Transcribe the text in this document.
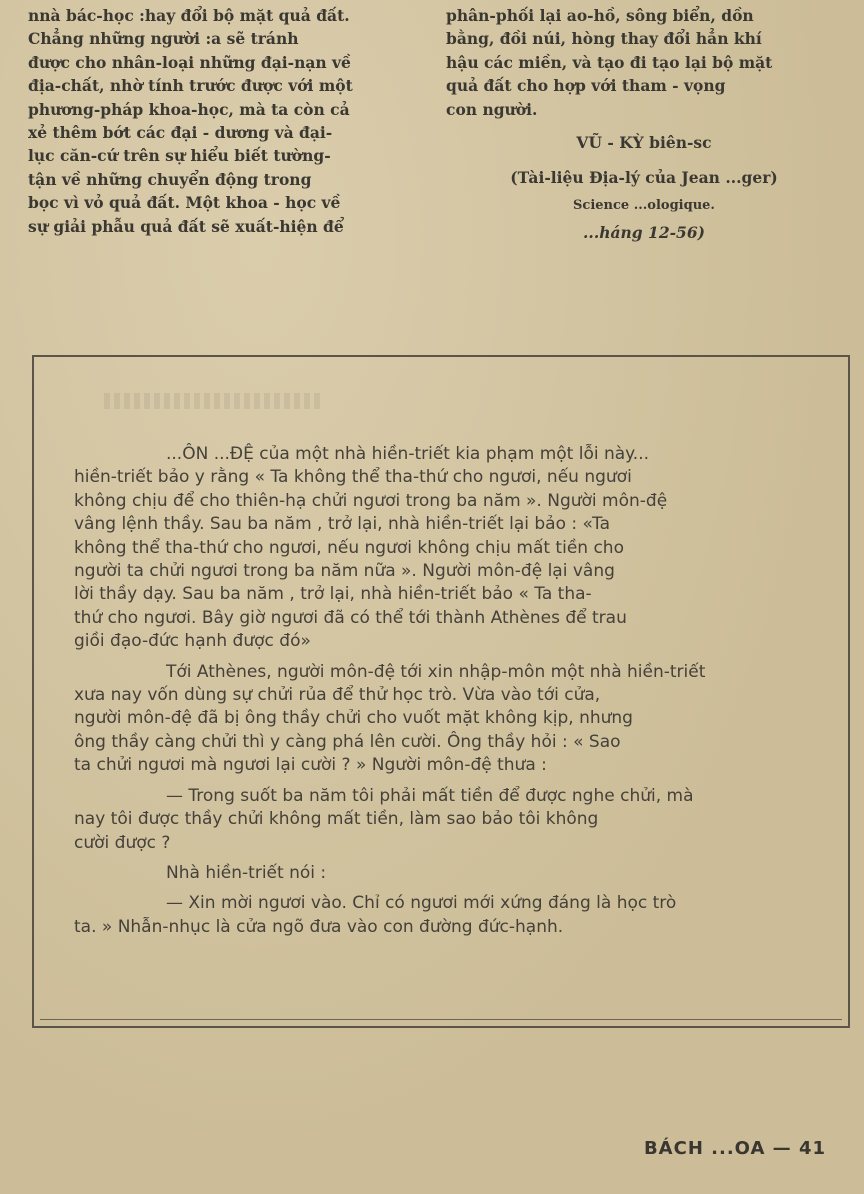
nnà bác-học :hay đổi bộ mặt quả đất.
Chẳng những người :a sẽ tránh
được cho nhân-loại những đại-nạn về
địa-chất, nhờ tính trước được với một
phương-pháp khoa-học, mà ta còn cả
xẻ thêm bớt các đại - dương và đại-
lục căn-cứ trên sự hiểu biết tường-
tận về những chuyển động trong
bọc vì vỏ quả đất. Một khoa - học về
sự giải phẫu quả đất sẽ xuất-hiện để
phân-phối lại ao-hồ, sông biển, dồn
bằng, đồi núi, hòng thay đổi hẳn khí
hậu các miền, và tạo đi tạo lại bộ mặt
quả đất cho hợp với tham - vọng
con người.
VŨ - KỲ biên-sc
(Tài-liệu Địa-lý của Jean ...ger)
Science ...ologique.
...háng 12-56)
...ÔN ...ĐỆ của một nhà hiền-triết kia phạm một lỗi này...
hiền-triết bảo y rằng « Ta không thể tha-thứ cho ngươi, nếu ngươi
không chịu để cho thiên-hạ chửi ngươi trong ba năm ». Người môn-đệ
vâng lệnh thầy. Sau ba năm , trở lại, nhà hiền-triết lại bảo : «Ta
không thể tha-thứ cho ngươi, nếu ngươi không chịu mất tiền cho
người ta chửi ngươi trong ba năm nữa ». Người môn-đệ lại vâng
lời thầy dạy. Sau ba năm , trở lại, nhà hiền-triết bảo « Ta tha-
thứ cho ngươi. Bây giờ ngươi đã có thể tới thành Athènes để trau
giồi đạo-đức hạnh được đó»
Tới Athènes, người môn-đệ tới xin nhập-môn một nhà hiền-triết
xưa nay vốn dùng sự chửi rủa để thử học trò. Vừa vào tới cửa,
người môn-đệ đã bị ông thầy chửi cho vuốt mặt không kịp, nhưng
ông thầy càng chửi thì y càng phá lên cười. Ông thầy hỏi : « Sao
ta chửi ngươi mà ngươi lại cười ? » Người môn-đệ thưa :
— Trong suốt ba năm tôi phải mất tiền để được nghe chửi, mà
nay tôi được thầy chửi không mất tiền, làm sao bảo tôi không
cười được ?
Nhà hiền-triết nói :
— Xin mời ngươi vào. Chỉ có ngươi mới xứng đáng là học trò
ta. » Nhẫn-nhục là cửa ngõ đưa vào con đường đức-hạnh.
BÁCH ...OA — 41
